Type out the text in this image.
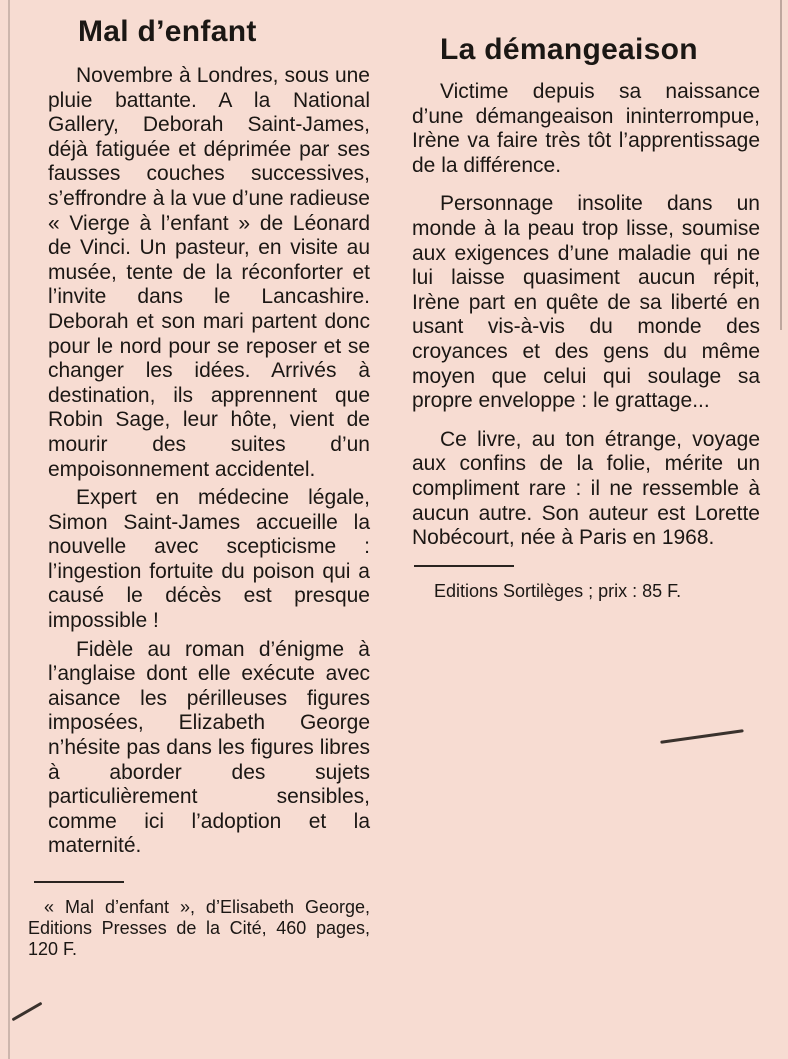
Mal d’enfant

Novembre à Londres, sous une pluie battante. A la National Gallery, Deborah Saint-James, déjà fatiguée et déprimée par ses fausses couches successives, s’effrondre à la vue d’une radieuse « Vierge à l’enfant » de Léonard de Vinci. Un pasteur, en visite au musée, tente de la réconforter et l’invite dans le Lancashire. Deborah et son mari partent donc pour le nord pour se reposer et se changer les idées. Arrivés à destination, ils apprennent que Robin Sage, leur hôte, vient de mourir des suites d’un empoisonnement accidentel.

Expert en médecine légale, Simon Saint-James accueille la nouvelle avec scepticisme : l’ingestion fortuite du poison qui a causé le décès est presque impossible !

Fidèle au roman d’énigme à l’anglaise dont elle exécute avec aisance les périlleuses figures imposées, Elizabeth George n’hésite pas dans les figures libres à aborder des sujets particulièrement sensibles, comme ici l’adoption et la maternité.

« Mal d’enfant », d’Elisabeth George, Editions Presses de la Cité, 460 pages, 120 F.

La démangeaison

Victime depuis sa naissance d’une démangeaison ininterrompue, Irène va faire très tôt l’apprentissage de la différence.

Personnage insolite dans un monde à la peau trop lisse, soumise aux exigences d’une maladie qui ne lui laisse quasiment aucun répit, Irène part en quête de sa liberté en usant vis-à-vis du monde des croyances et des gens du même moyen que celui qui soulage sa propre enveloppe : le grattage...

Ce livre, au ton étrange, voyage aux confins de la folie, mérite un compliment rare : il ne ressemble à aucun autre. Son auteur est Lorette Nobécourt, née à Paris en 1968.

Editions Sortilèges ; prix : 85 F.
